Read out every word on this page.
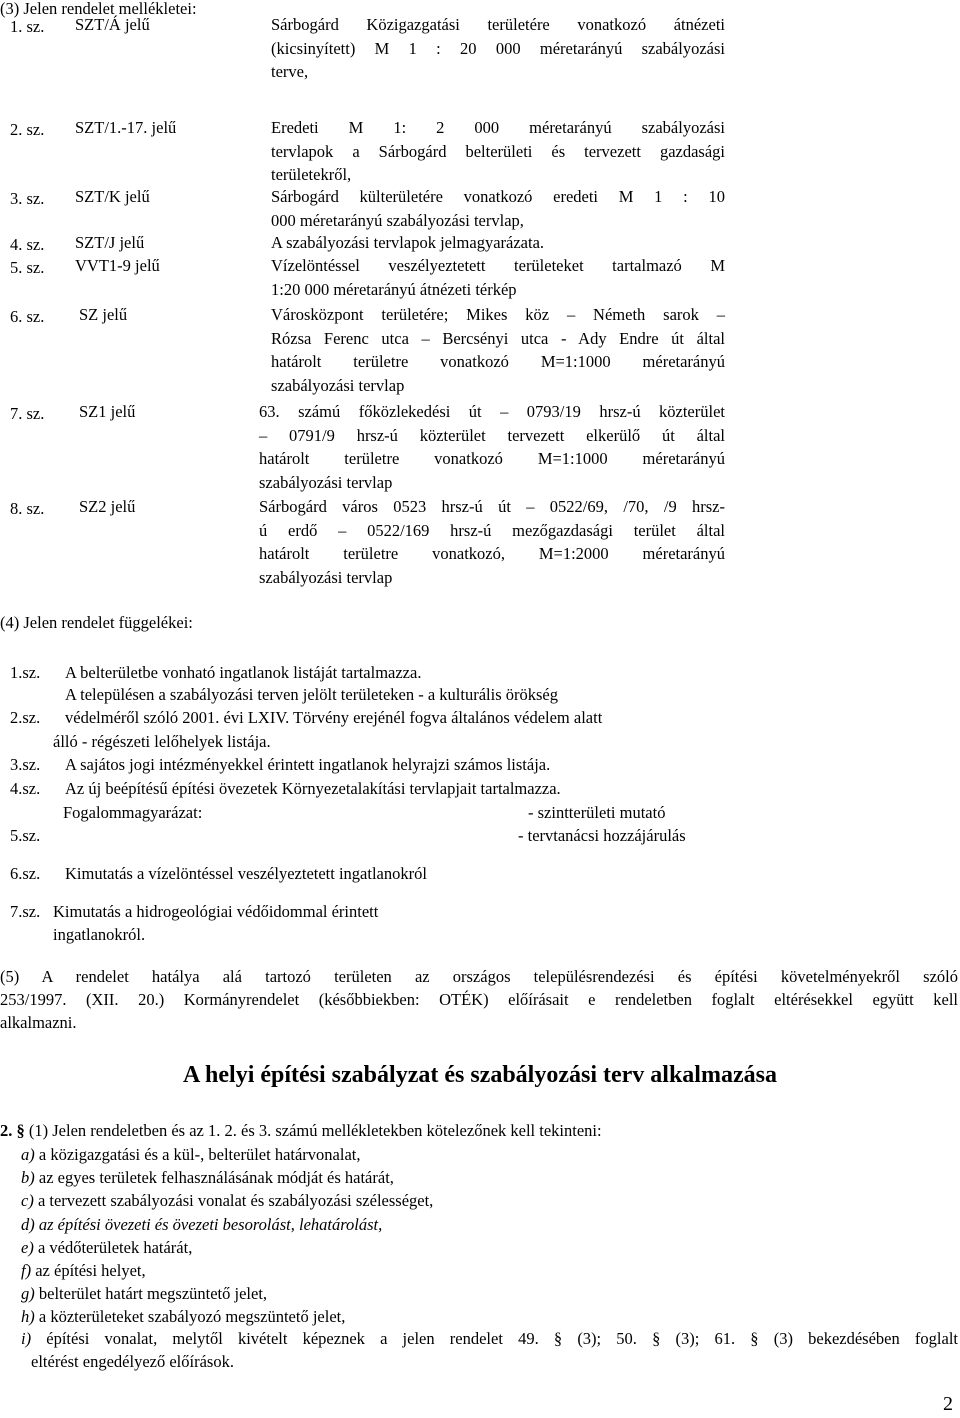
(3) Jelen rendelet mellékletei:
1. sz. SZT/Á jelű	Sárbogárd Közigazgatási területére vonatkozó átnézeti
(kicsinyített) M 1 : 20 000 méretarányú szabályozási
terve,
2. sz. SZT/1.-17. jelű	Eredeti M 1: 2 000 méretarányú szabályozási
tervlapok a Sárbogárd belterületi és tervezett gazdasági
területekről,
3. sz. SZT/K jelű	Sárbogárd külterületére vonatkozó eredeti M 1 : 10
000 méretarányú szabályozási tervlap,
4. sz. SZT/J jelű	A szabályozási tervlapok jelmagyarázata.
5. sz. VVT1-9 jelű	Vízelöntéssel veszélyeztetett területeket tartalmazó M
1:20 000 méretarányú átnézeti térkép
6. sz. SZ jelű	Városközpont területére; Mikes köz – Németh sarok –
Rózsa Ferenc utca – Bercsényi utca - Ady Endre út által
határolt területre vonatkozó M=1:1000 méretarányú
szabályozási tervlap
7. sz. SZ1 jelű	63. számú főközlekedési út – 0793/19 hrsz-ú közterület
– 0791/9 hrsz-ú közterület tervezett elkerülő út által
határolt területre vonatkozó M=1:1000 méretarányú
szabályozási tervlap
8. sz. SZ2 jelű	Sárbogárd város 0523 hrsz-ú út – 0522/69, /70, /9 hrsz-
ú erdő – 0522/169 hrsz-ú mezőgazdasági terület által
határolt területre vonatkozó, M=1:2000 méretarányú
szabályozási tervlap
(4) Jelen rendelet függelékei:
1.sz. A belterületbe vonható ingatlanok listáját tartalmazza.
A településen a szabályozási terven jelölt területeken - a kulturális örökség
2.sz. védelméről szóló 2001. évi LXIV. Törvény erejénél fogva általános védelem alatt
álló - régészeti lelőhelyek listája.
3.sz. A sajátos jogi intézményekkel érintett ingatlanok helyrajzi számos listája.
4.sz. Az új beépítésű építési övezetek Környezetalakítási tervlapjait tartalmazza.
Fogalommagyarázat:	- szintterületi mutató
5.sz.	- tervtanácsi hozzájárulás
6.sz. Kimutatás a vízelöntéssel veszélyeztetett ingatlanokról
7.sz. Kimutatás a hidrogeológiai védőidommal érintett
ingatlanokról.
(5) A rendelet hatálya alá tartozó területen az országos településrendezési és építési követelményekről szóló
253/1997. (XII. 20.) Kormányrendelet (későbbiekben: OTÉK) előírásait e rendeletben foglalt eltérésekkel együtt kell
alkalmazni.
A helyi építési szabályzat és szabályozási terv alkalmazása
2. § (1) Jelen rendeletben és az 1. 2. és 3. számú mellékletekben kötelezőnek kell tekinteni:
a) a közigazgatási és a kül-, belterület határvonalat,
b) az egyes területek felhasználásának módját és határát,
c) a tervezett szabályozási vonalat és szabályozási szélességet,
d) az építési övezeti és övezeti besorolást, lehatárolást,
e) a védőterületek határát,
f) az építési helyet,
g) belterület határt megszüntető jelet,
h) a közterületeket szabályozó megszüntető jelet,
i) építési vonalat, melytől kivételt képeznek a jelen rendelet 49. § (3); 50. § (3); 61. § (3) bekezdésében foglalt
eltérést engedélyező előírások.
2
